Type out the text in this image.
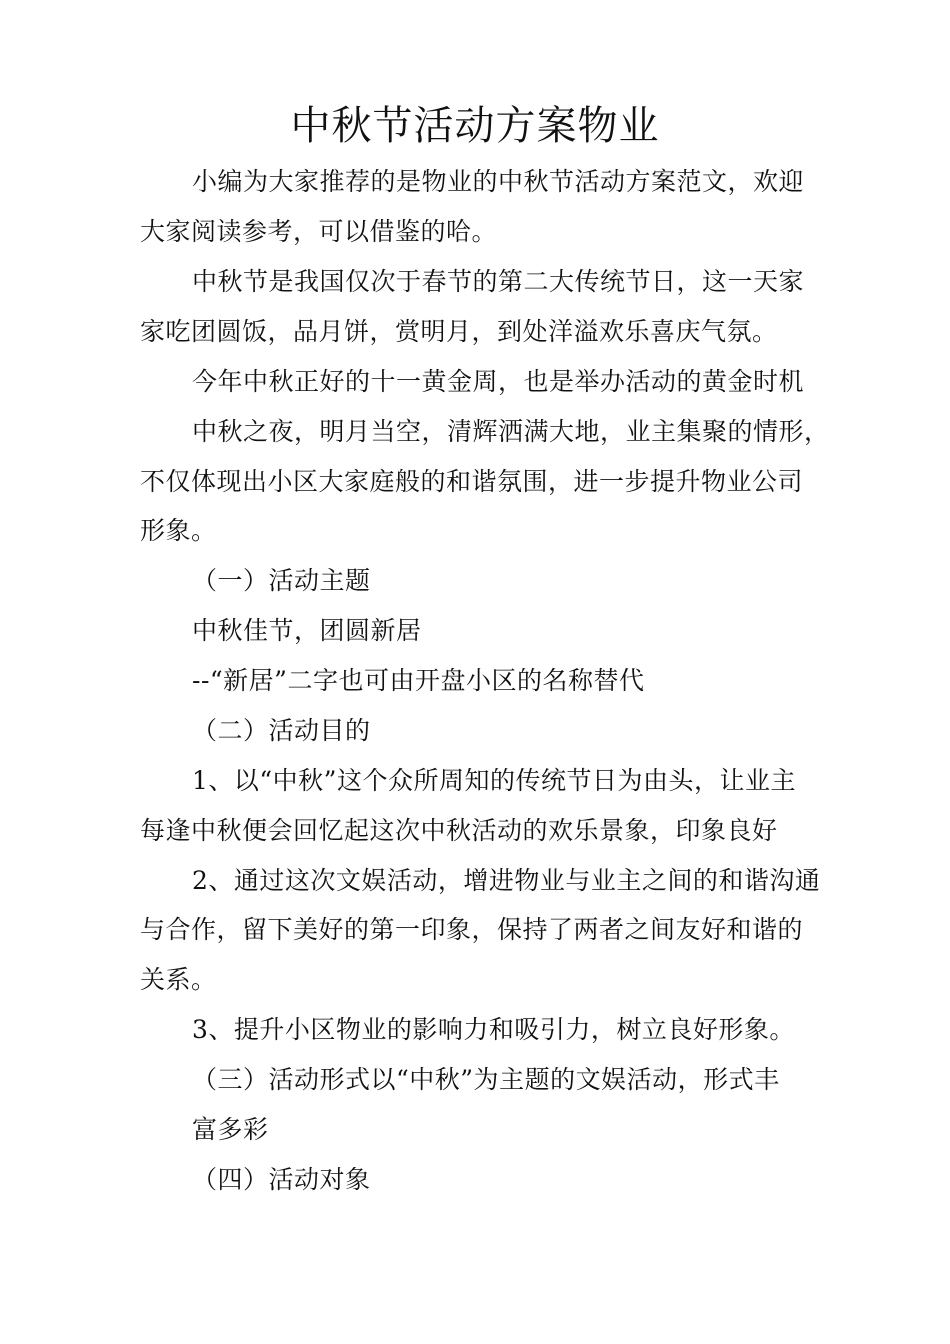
中秋节活动方案物业
小编为大家推荐的是物业的中秋节活动方案范文，欢迎
大家阅读参考，可以借鉴的哈。
中秋节是我国仅次于春节的第二大传统节日，这一天家
家吃团圆饭，品月饼，赏明月，到处洋溢欢乐喜庆气氛。
今年中秋正好的十一黄金周，也是举办活动的黄金时机
中秋之夜，明月当空，清辉洒满大地，业主集聚的情形，
不仅体现出小区大家庭般的和谐氛围，进一步提升物业公司
形象。
（一）活动主题
中秋佳节，团圆新居
--“新居”二字也可由开盘小区的名称替代
（二）活动目的
1、以“中秋”这个众所周知的传统节日为由头，让业主
每逢中秋便会回忆起这次中秋活动的欢乐景象，印象良好
2、通过这次文娱活动，增进物业与业主之间的和谐沟通
与合作，留下美好的第一印象，保持了两者之间友好和谐的
关系。
3、提升小区物业的影响力和吸引力，树立良好形象。
（三）活动形式以“中秋”为主题的文娱活动，形式丰
富多彩
（四）活动对象
